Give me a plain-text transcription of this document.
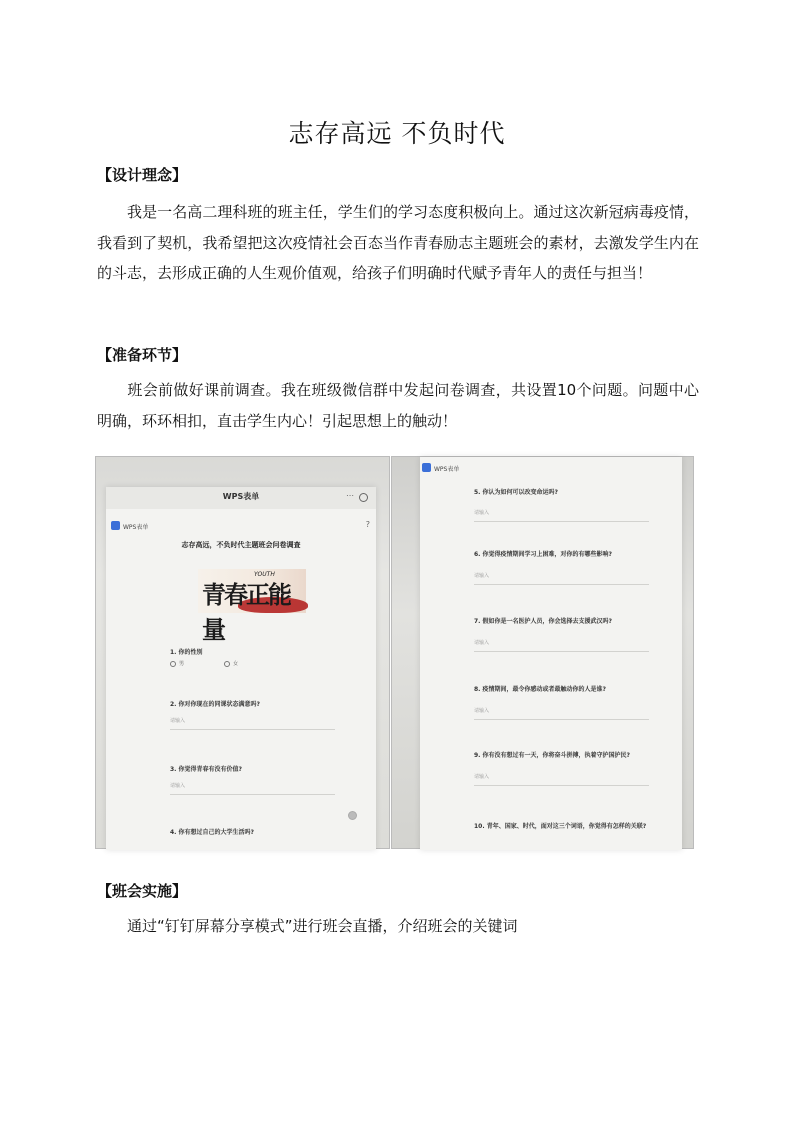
志存高远 不负时代
【设计理念】
我是一名高二理科班的班主任，学生们的学习态度积极向上。通过这次新冠病毒疫情，我看到了契机，我希望把这次疫情社会百态当作青春励志主题班会的素材，去激发学生内在的斗志，去形成正确的人生观价值观，给孩子们明确时代赋予青年人的责任与担当！
【准备环节】
班会前做好课前调查。我在班级微信群中发起问卷调查，共设置10个问题。问题中心明确，环环相扣，直击学生内心！引起思想上的触动！
WPS表单	⋯
WPS表单	?
志存高远，不负时代主题班会问卷调查
青春正能量
YOUTH
1. 你的性别
男	女
2. 你对你现在的同课状态满意吗?
请输入
3. 你觉得青春有没有价值?
请输入
4. 你有想过自己的大学生活吗?
WPS表单
5. 你认为如何可以改变命运吗?
请输入
6. 你觉得疫情期间学习上困难，对你的有哪些影响?
请输入
7. 假如你是一名医护人员，你会选择去支援武汉吗?
请输入
8. 疫情期间，最令你感动或者最触动你的人是谁?
请输入
9. 你有没有想过有一天，你将奋斗拼搏，执着守护国护民?
请输入
10. 青年、国家、时代，面对这三个词语，你觉得有怎样的关联?
【班会实施】
通过“钉钉屏幕分享模式”进行班会直播，介绍班会的关键词
